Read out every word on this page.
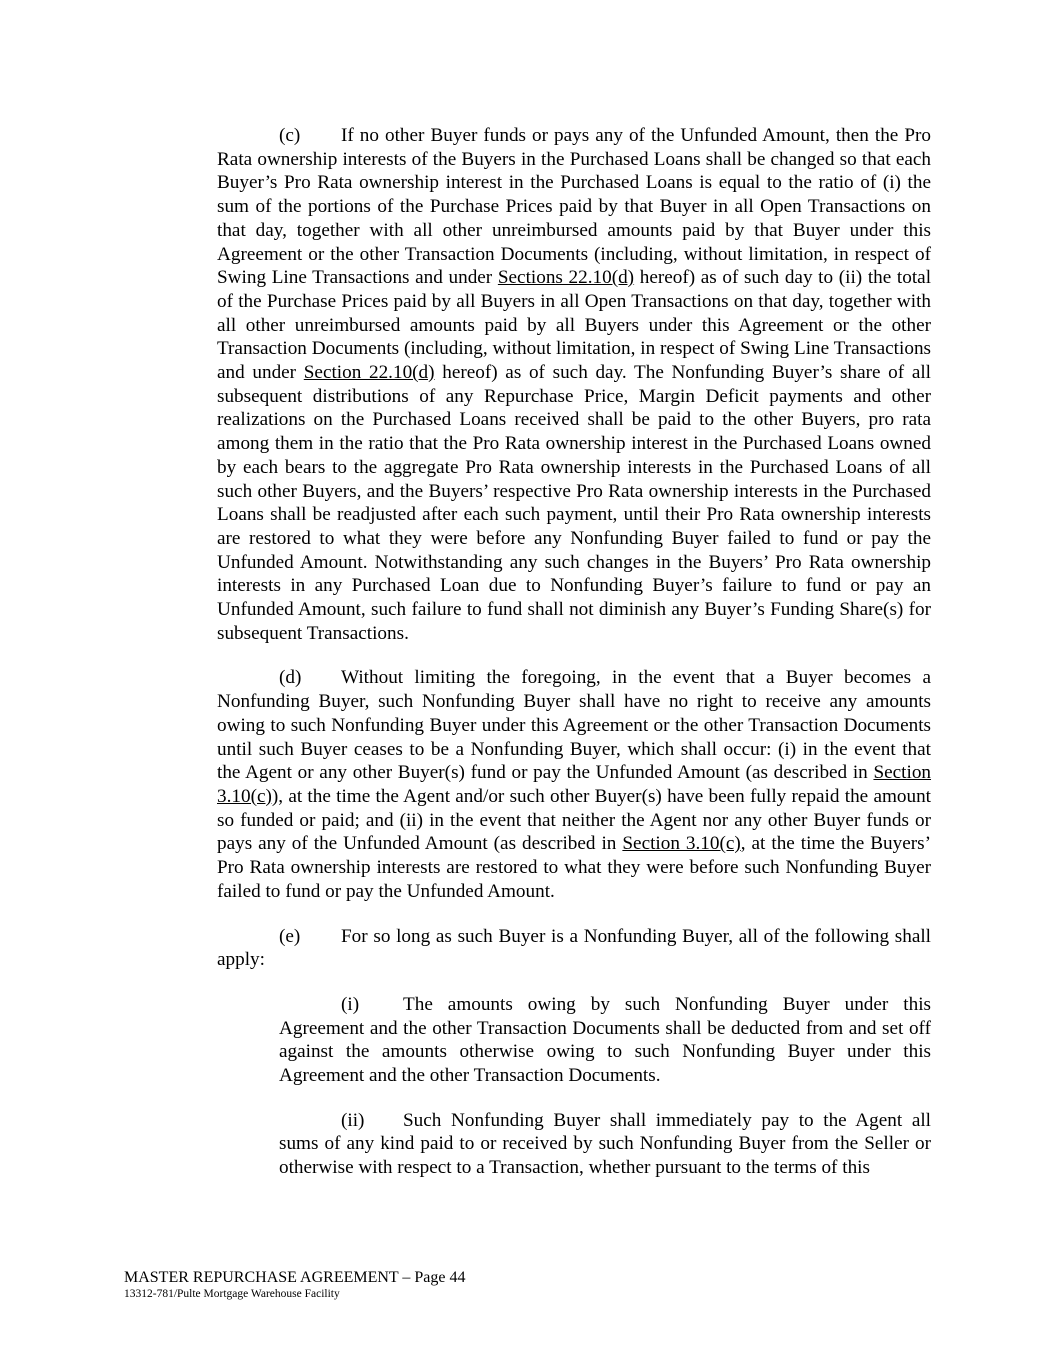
(c) If no other Buyer funds or pays any of the Unfunded Amount, then the Pro Rata ownership interests of the Buyers in the Purchased Loans shall be changed so that each Buyer’s Pro Rata ownership interest in the Purchased Loans is equal to the ratio of (i) the sum of the portions of the Purchase Prices paid by that Buyer in all Open Transactions on that day, together with all other unreimbursed amounts paid by that Buyer under this Agreement or the other Transaction Documents (including, without limitation, in respect of Swing Line Transactions and under Sections 22.10(d) hereof) as of such day to (ii) the total of the Purchase Prices paid by all Buyers in all Open Transactions on that day, together with all other unreimbursed amounts paid by all Buyers under this Agreement or the other Transaction Documents (including, without limitation, in respect of Swing Line Transactions and under Section 22.10(d) hereof) as of such day. The Nonfunding Buyer’s share of all subsequent distributions of any Repurchase Price, Margin Deficit payments and other realizations on the Purchased Loans received shall be paid to the other Buyers, pro rata among them in the ratio that the Pro Rata ownership interest in the Purchased Loans owned by each bears to the aggregate Pro Rata ownership interests in the Purchased Loans of all such other Buyers, and the Buyers’ respective Pro Rata ownership interests in the Purchased Loans shall be readjusted after each such payment, until their Pro Rata ownership interests are restored to what they were before any Nonfunding Buyer failed to fund or pay the Unfunded Amount. Notwithstanding any such changes in the Buyers’ Pro Rata ownership interests in any Purchased Loan due to Nonfunding Buyer’s failure to fund or pay an Unfunded Amount, such failure to fund shall not diminish any Buyer’s Funding Share(s) for subsequent Transactions.

(d) Without limiting the foregoing, in the event that a Buyer becomes a Nonfunding Buyer, such Nonfunding Buyer shall have no right to receive any amounts owing to such Nonfunding Buyer under this Agreement or the other Transaction Documents until such Buyer ceases to be a Nonfunding Buyer, which shall occur: (i) in the event that the Agent or any other Buyer(s) fund or pay the Unfunded Amount (as described in Section 3.10(c)), at the time the Agent and/or such other Buyer(s) have been fully repaid the amount so funded or paid; and (ii) in the event that neither the Agent nor any other Buyer funds or pays any of the Unfunded Amount (as described in Section 3.10(c), at the time the Buyers’ Pro Rata ownership interests are restored to what they were before such Nonfunding Buyer failed to fund or pay the Unfunded Amount.

(e) For so long as such Buyer is a Nonfunding Buyer, all of the following shall apply:

(i) The amounts owing by such Nonfunding Buyer under this Agreement and the other Transaction Documents shall be deducted from and set off against the amounts otherwise owing to such Nonfunding Buyer under this Agreement and the other Transaction Documents.

(ii) Such Nonfunding Buyer shall immediately pay to the Agent all sums of any kind paid to or received by such Nonfunding Buyer from the Seller or otherwise with respect to a Transaction, whether pursuant to the terms of this

MASTER REPURCHASE AGREEMENT – Page 44

13312-781/Pulte Mortgage Warehouse Facility
